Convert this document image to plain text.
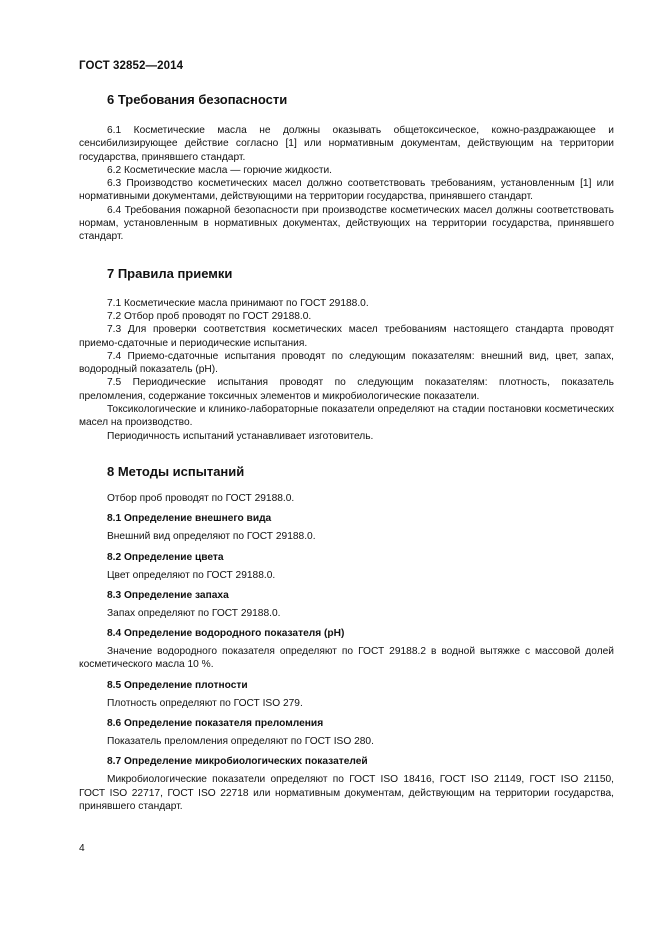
ГОСТ 32852—2014
6 Требования безопасности

6.1 Косметические масла не должны оказывать общетоксическое, кожно-раздражающее и сенсибилизирующее действие согласно [1] или нормативным документам, действующим на территории государства, принявшего стандарт.

6.2 Косметические масла — горючие жидкости.

6.3 Производство косметических масел должно соответствовать требованиям, установленным [1] или нормативными документами, действующими на территории государства, принявшего стандарт.

6.4 Требования пожарной безопасности при производстве косметических масел должны соответствовать нормам, установленным в нормативных документах, действующих на территории государства, принявшего стандарт.

7 Правила приемки

7.1 Косметические масла принимают по ГОСТ 29188.0.

7.2 Отбор проб проводят по ГОСТ 29188.0.

7.3 Для проверки соответствия косметических масел требованиям настоящего стандарта проводят приемо-сдаточные и периодические испытания.

7.4 Приемо-сдаточные испытания проводят по следующим показателям: внешний вид, цвет, запах, водородный показатель (рН).

7.5 Периодические испытания проводят по следующим показателям: плотность, показатель преломления, содержание токсичных элементов и микробиологические показатели.

Токсикологические и клинико-лабораторные показатели определяют на стадии постановки косметических масел на производство.

Периодичность испытаний устанавливает изготовитель.

8 Методы испытаний

Отбор проб проводят по ГОСТ 29188.0.

8.1 Определение внешнего вида

Внешний вид определяют по ГОСТ 29188.0.

8.2 Определение цвета

Цвет определяют по ГОСТ 29188.0.

8.3 Определение запаха

Запах определяют по ГОСТ 29188.0.

8.4 Определение водородного показателя (рН)

Значение водородного показателя определяют по ГОСТ 29188.2 в водной вытяжке с массовой долей косметического масла 10 %.

8.5 Определение плотности

Плотность определяют по ГОСТ ISO 279.

8.6 Определение показателя преломления

Показатель преломления определяют по ГОСТ ISO 280.

8.7 Определение микробиологических показателей

Микробиологические показатели определяют по ГОСТ ISO 18416, ГОСТ ISO 21149, ГОСТ ISO 21150, ГОСТ ISO 22717, ГОСТ ISO 22718 или нормативным документам, действующим на территории государства, принявшего стандарт.

4
